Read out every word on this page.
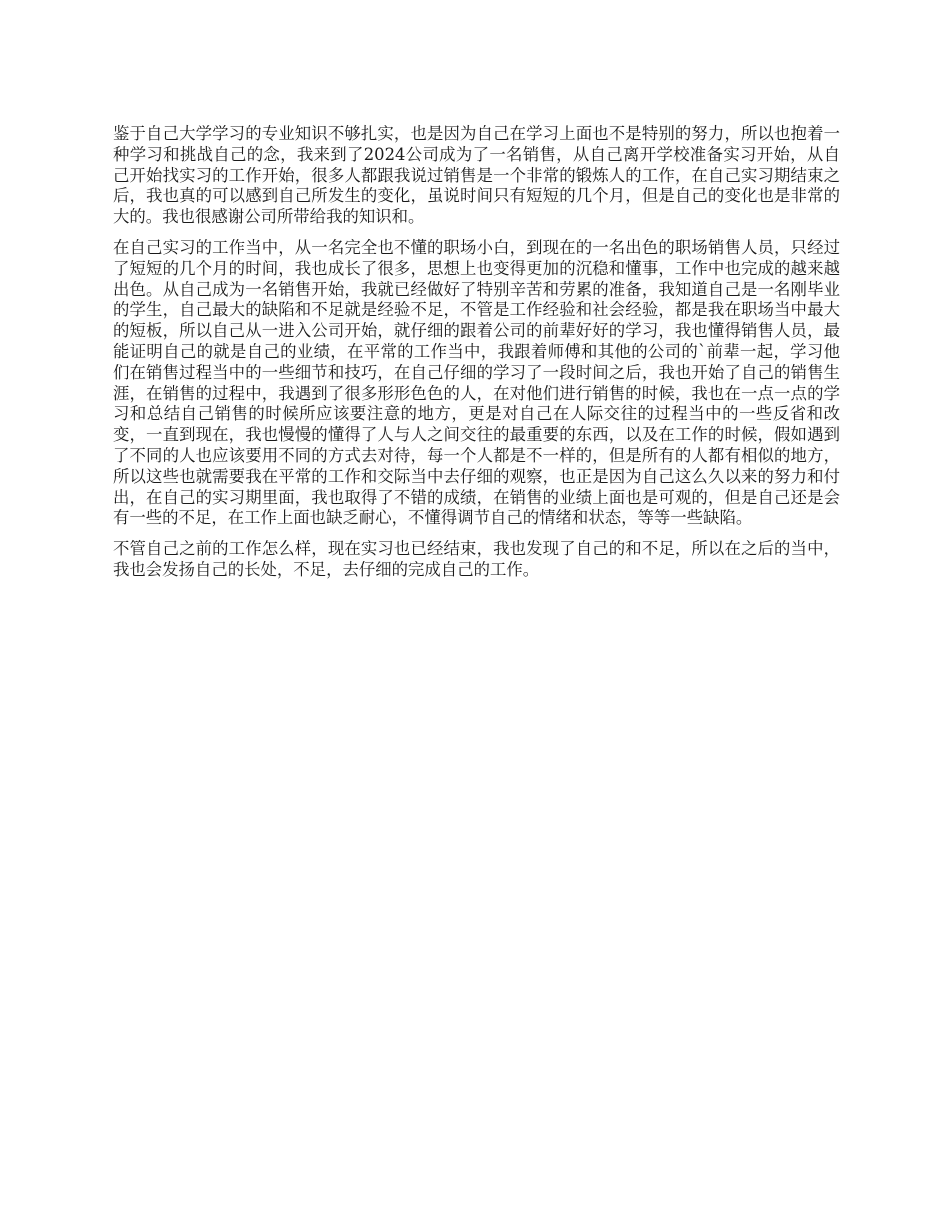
鉴于自己大学学习的专业知识不够扎实，也是因为自己在学习上面也不是特别的努力，所以也抱着一种学习和挑战自己的念，我来到了2024公司成为了一名销售，从自己离开学校准备实习开始，从自己开始找实习的工作开始，很多人都跟我说过销售是一个非常的锻炼人的工作，在自己实习期结束之后，我也真的可以感到自己所发生的变化，虽说时间只有短短的几个月，但是自己的变化也是非常的大的。我也很感谢公司所带给我的知识和。

在自己实习的工作当中，从一名完全也不懂的职场小白，到现在的一名出色的职场销售人员，只经过了短短的几个月的时间，我也成长了很多，思想上也变得更加的沉稳和懂事，工作中也完成的越来越出色。从自己成为一名销售开始，我就已经做好了特别辛苦和劳累的准备，我知道自己是一名刚毕业的学生，自己最大的缺陷和不足就是经验不足，不管是工作经验和社会经验，都是我在职场当中最大的短板，所以自己从一进入公司开始，就仔细的跟着公司的前辈好好的学习，我也懂得销售人员，最能证明自己的就是自己的业绩，在平常的工作当中，我跟着师傅和其他的公司的`前辈一起，学习他们在销售过程当中的一些细节和技巧，在自己仔细的学习了一段时间之后，我也开始了自己的销售生涯，在销售的过程中，我遇到了很多形形色色的人，在对他们进行销售的时候，我也在一点一点的学习和总结自己销售的时候所应该要注意的地方，更是对自己在人际交往的过程当中的一些反省和改变，一直到现在，我也慢慢的懂得了人与人之间交往的最重要的东西，以及在工作的时候，假如遇到了不同的人也应该要用不同的方式去对待，每一个人都是不一样的，但是所有的人都有相似的地方，所以这些也就需要我在平常的工作和交际当中去仔细的观察，也正是因为自己这么久以来的努力和付出，在自己的实习期里面，我也取得了不错的成绩，在销售的业绩上面也是可观的，但是自己还是会有一些的不足，在工作上面也缺乏耐心，不懂得调节自己的情绪和状态，等等一些缺陷。

不管自己之前的工作怎么样，现在实习也已经结束，我也发现了自己的和不足，所以在之后的当中，我也会发扬自己的长处，不足，去仔细的完成自己的工作。
